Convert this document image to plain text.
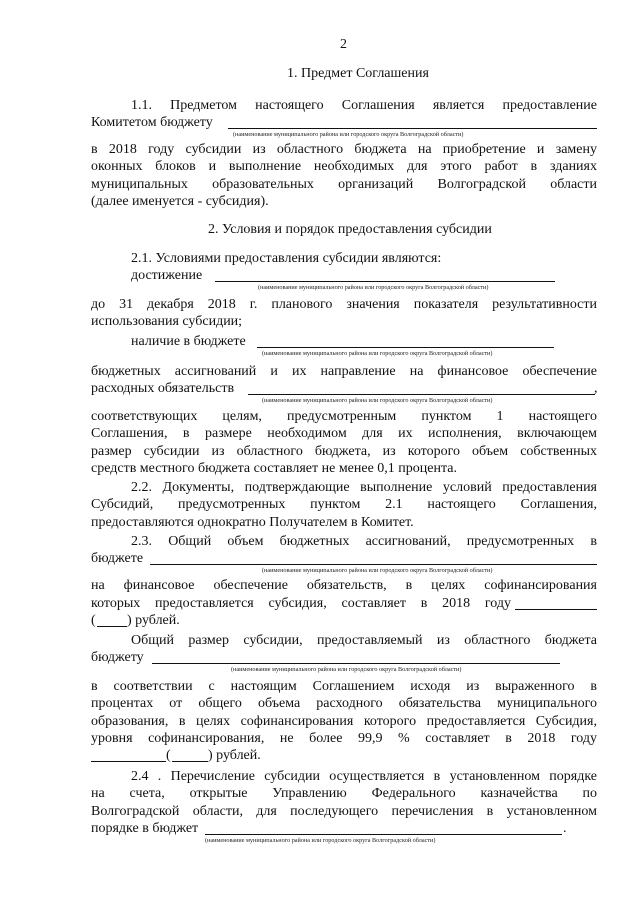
2
1. Предмет Соглашения
1.1. Предметом настоящего Соглашения является предоставление
Комитетом бюджету
(наименование муниципального района или городского округа Волгоградской области)
в 2018 году субсидии из областного бюджета на приобретение и замену
оконных блоков и выполнение необходимых для этого работ в зданиях
муниципальных образовательных организаций Волгоградской области
(далее именуется - субсидия).
2. Условия и порядок предоставления субсидии
2.1. Условиями предоставления субсидии являются:
достижение
(наименование муниципального района или городского округа Волгоградской области)
до 31 декабря 2018 г. планового значения показателя результативности
использования субсидии;
наличие в бюджете
(наименование муниципального района или городского округа Волгоградской области)
бюджетных ассигнований и их направление на финансовое обеспечение
расходных обязательств	,
(наименование муниципального района или городского округа Волгоградской области)
соответствующих целям, предусмотренным пунктом 1 настоящего
Соглашения, в размере необходимом для их исполнения, включающем
размер субсидии из областного бюджета, из которого объем собственных
средств местного бюджета составляет не менее 0,1 процента.
2.2. Документы, подтверждающие выполнение условий предоставления
Субсидий, предусмотренных пунктом 2.1 настоящего Соглашения,
предоставляются однократно Получателем в Комитет.
2.3. Общий объем бюджетных ассигнований, предусмотренных в
бюджете
(наименование муниципального района или городского округа Волгоградской области)
на финансовое обеспечение обязательств, в целях софинансирования
которых предоставляется субсидия, составляет в 2018 году
( ) рублей.
Общий размер субсидии, предоставляемый из областного бюджета
бюджету
(наименование муниципального района или городского округа Волгоградской области)
в соответствии с настоящим Соглашением исходя из выраженного в
процентах от общего объема расходного обязательства муниципального
образования, в целях софинансирования которого предоставляется Субсидия,
уровня софинансирования, не более 99,9 % составляет в 2018 году
(	) рублей.
2.4 . Перечисление субсидии осуществляется в установленном порядке
на счета, открытые Управлению Федерального казначейства по
Волгоградской области, для последующего перечисления в установленном
порядке в бюджет	.
(наименование муниципального района или городского округа Волгоградской области)
